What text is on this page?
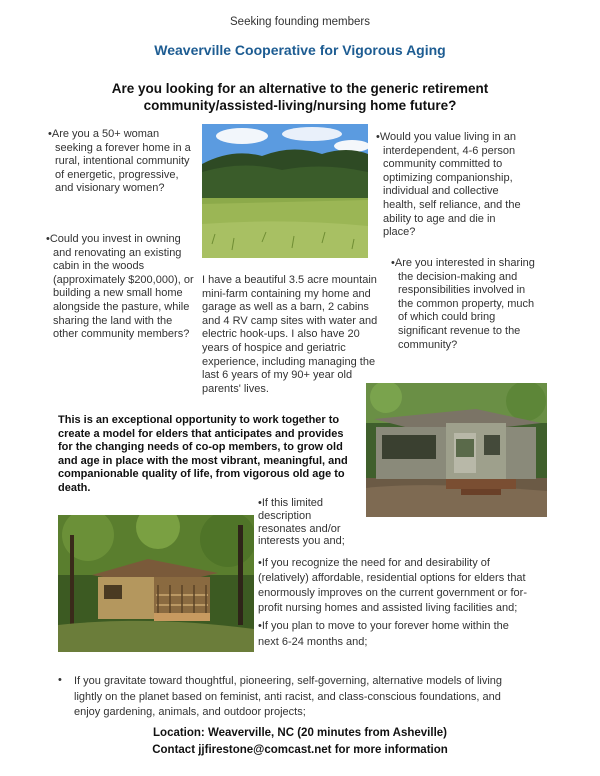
Seeking founding members
Weaverville Cooperative for Vigorous Aging
Are you looking for an alternative to the generic retirement community/assisted-living/nursing home future?
•Are you a 50+ woman seeking a forever home in a rural, intentional community of energetic, progressive, and visionary women?
•Could you invest in owning and renovating an existing cabin in the woods (approximately $200,000), or building a new small home alongside the pasture, while sharing the land with the other community members?
I have a beautiful 3.5 acre mountain mini-farm containing my home and garage as well as a barn, 2 cabins and 4 RV camp sites with water and electric hook-ups. I also have 20 years of hospice and geriatric experience, including managing the last 6 years of my 90+ year old parents' lives.
•Would you value living in an interdependent, 4-6 person community committed to optimizing companionship, individual and collective health, self reliance, and the ability to age and die in place?
•Are you interested in sharing the decision-making and responsibilities involved in the common property, much of which could bring significant revenue to the community?
This is an exceptional opportunity to work together to create a model for elders that anticipates and provides for the changing needs of co-op members, to grow old and age in place with the most vibrant, meaningful, and companionable quality of life, from vigorous old age to death.
•If this limited description resonates and/or interests you and;
•If you recognize the need for and desirability of (relatively) affordable, residential options for elders that enormously improves on the current government or for-profit nursing homes and assisted living facilities and;
•If you plan to move to your forever home within the next 6-24 months and;
•	If you gravitate toward thoughtful, pioneering, self-governing, alternative models of living lightly on the planet based on feminist, anti racist, and class-conscious foundations, and enjoy gardening, animals, and outdoor projects;
Location: Weaverville, NC (20 minutes from Asheville)
Contact jjfirestone@comcast.net for more information
